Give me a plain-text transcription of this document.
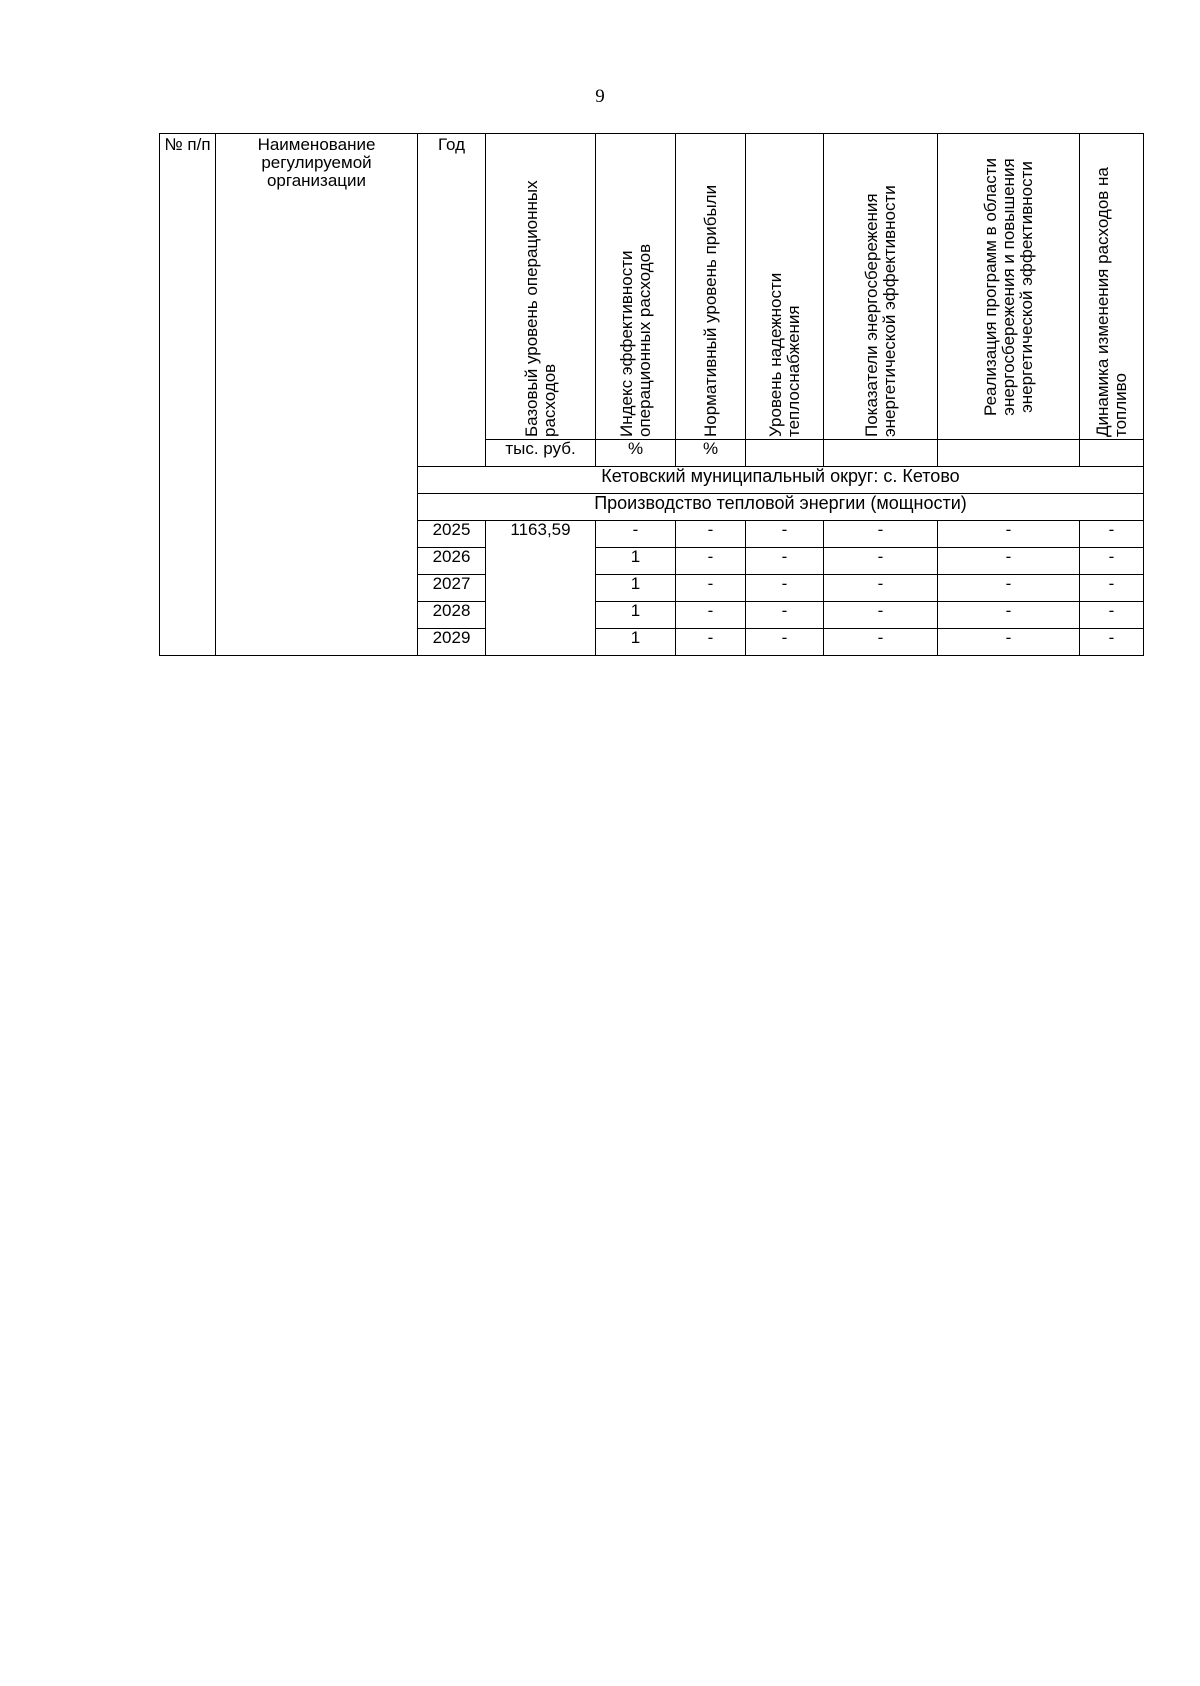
9
№ п/п	Наименование регулируемой организации	Год	Базовый уровень операционных расходов	Индекс эффективности операционных расходов	Нормативный уровень прибыли	Уровень надежности теплоснабжения	Показатели энергосбережения энергетической эффективности	Реализация программ в области энергосбережения и повышения энергетической эффективности	Динамика изменения расходов на топливо

			тыс. руб.	%	%				
		Кетовский муниципальный округ: с. Кетово							
		Производство тепловой энергии (мощности)							
		2025	1163,59	-	-	-	-	-	-
		2026		1	-	-	-	-	-
		2027		1	-	-	-	-	-
		2028		1	-	-	-	-	-
		2029		1	-	-	-	-	-
